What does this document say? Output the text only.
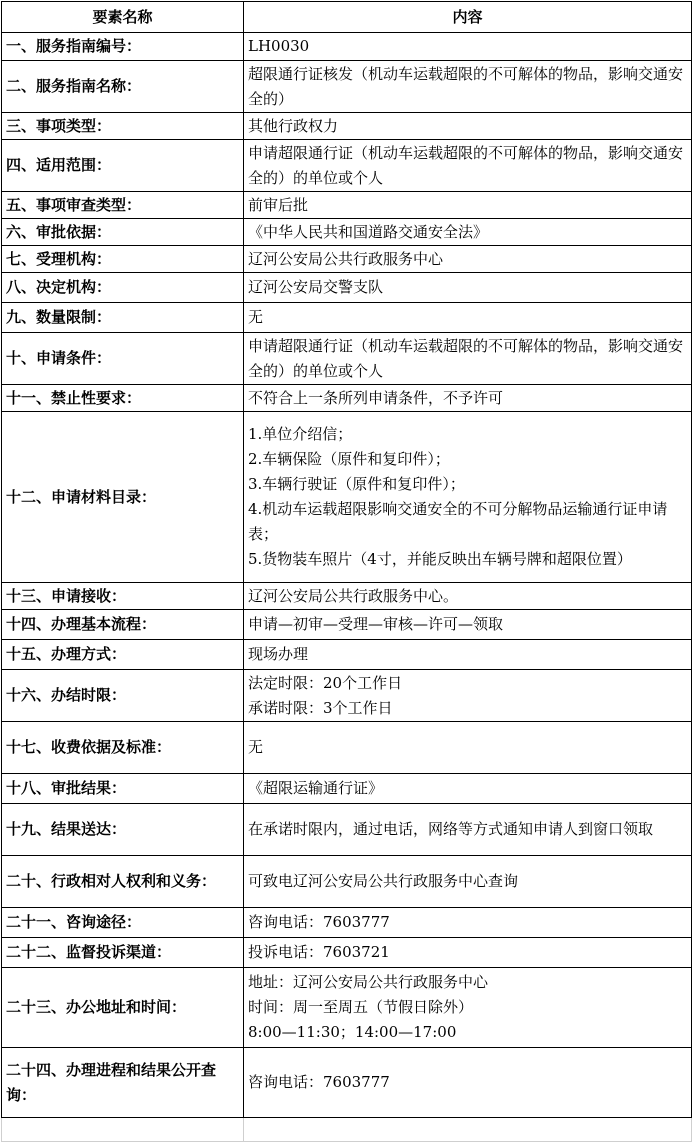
要素名称	内容
一、服务指南编号：	LH0030

二、服务指南名称：	超限通行证核发（机动车运载超限的不可解体的物品，影响交通安全的）

三、事项类型：	其他行政权力

四、适用范围：	申请超限通行证（机动车运载超限的不可解体的物品，影响交通安全的）的单位或个人

五、事项审查类型：	前审后批

六、审批依据：	《中华人民共和国道路交通安全法》

七、受理机构：	辽河公安局公共行政服务中心

八、决定机构：	辽河公安局交警支队

九、数量限制：	无

十、申请条件：	申请超限通行证（机动车运载超限的不可解体的物品，影响交通安全的）的单位或个人

十一、禁止性要求：	不符合上一条所列申请条件，不予许可

十二、申请材料目录：	1.单位介绍信；
2.车辆保险（原件和复印件）；
3.车辆行驶证（原件和复印件）；
4.机动车运载超限影响交通安全的不可分解物品运输通行证申请表；
5.货物装车照片（4寸，并能反映出车辆号牌和超限位置）

十三、申请接收：	辽河公安局公共行政服务中心。

十四、办理基本流程：	申请—初审—受理—审核—许可—领取

十五、办理方式：	现场办理

十六、办结时限：	法定时限：20个工作日
承诺时限：3个工作日

十七、收费依据及标准：	无

十八、审批结果：	《超限运输通行证》

十九、结果送达：	在承诺时限内，通过电话，网络等方式通知申请人到窗口领取

二十、行政相对人权利和义务：	可致电辽河公安局公共行政服务中心查询

二十一、咨询途径：	咨询电话：7603777

二十二、监督投诉渠道：	投诉电话：7603721

二十三、办公地址和时间：	地址：辽河公安局公共行政服务中心
时间：周一至周五（节假日除外）
8:00—11:30；14:00—17:00

二十四、办理进程和结果公开查询：	咨询电话：7603777
